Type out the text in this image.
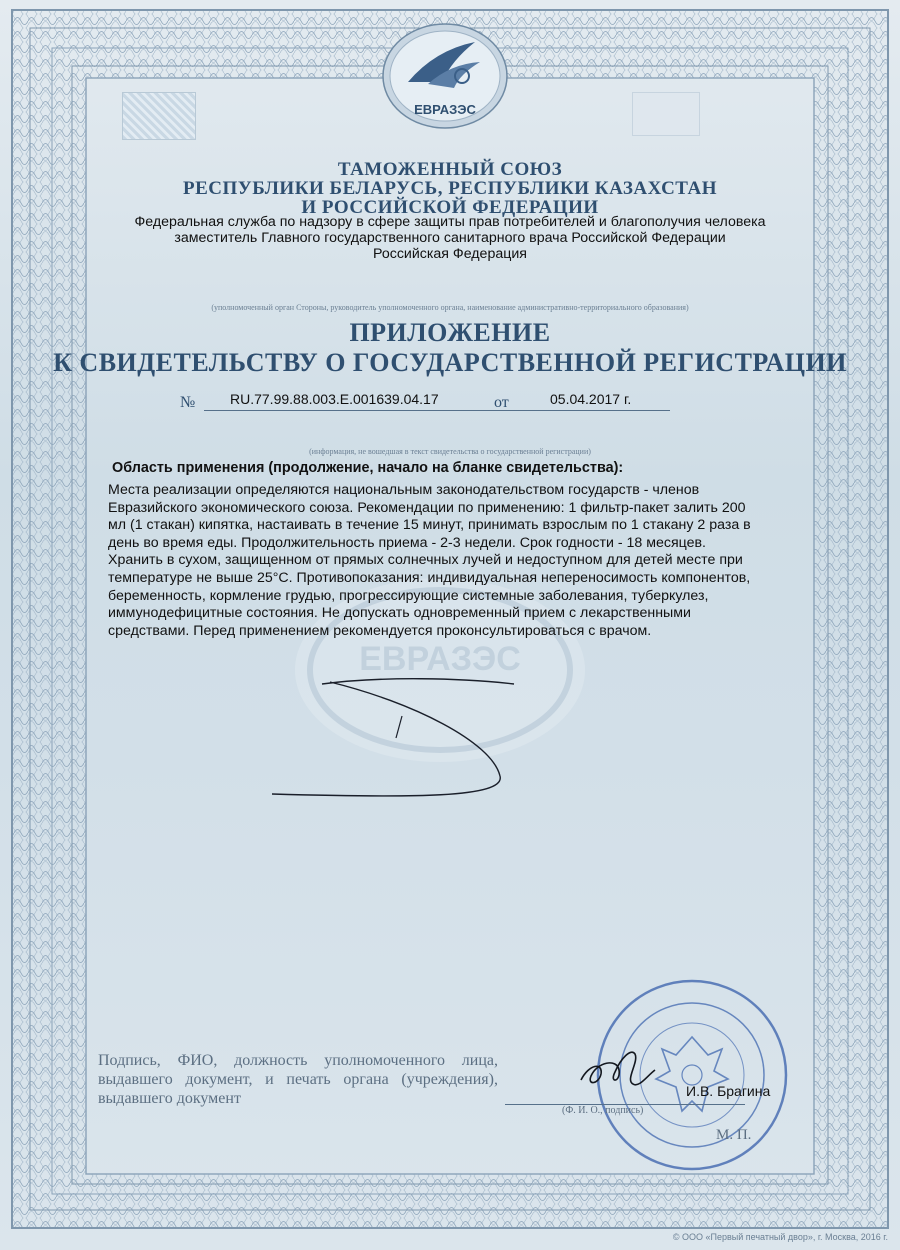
ЕВРАЗЭС
ТАМОЖЕННЫЙ СОЮЗ
РЕСПУБЛИКИ БЕЛАРУСЬ, РЕСПУБЛИКИ КАЗАХСТАН
И РОССИЙСКОЙ ФЕДЕРАЦИИ
Федеральная служба по надзору в сфере защиты прав потребителей и благополучия человека
заместитель Главного государственного санитарного врача Российской Федерации
Российская Федерация
(уполномоченный орган Стороны, руководитель уполномоченного органа, наименование административно-территориального образования)
ПРИЛОЖЕНИЕ
К СВИДЕТЕЛЬСТВУ О ГОСУДАРСТВЕННОЙ РЕГИСТРАЦИИ
№ RU.77.99.88.003.E.001639.04.17	от	05.04.2017 г.
(информация, не вошедшая в текст свидетельства о государственной регистрации)
ЕВРАЗЭС
Область применения (продолжение, начало на бланке свидетельства):
Места реализации определяются национальным законодательством государств - членов
Евразийского экономического союза. Рекомендации по применению: 1 фильтр-пакет залить 200
мл (1 стакан) кипятка, настаивать в течение 15 минут, принимать взрослым по 1 стакану 2 раза в
день во время еды. Продолжительность приема - 2-3 недели. Срок годности - 18 месяцев.
Хранить в сухом, защищенном от прямых солнечных лучей и недоступном для детей месте при
температуре не выше 25°С. Противопоказания: индивидуальная непереносимость компонентов,
беременность, кормление грудью, прогрессирующие системные заболевания, туберкулез,
иммунодефицитные состояния. Не допускать одновременный прием с лекарственными
средствами. Перед применением рекомендуется проконсультироваться с врачом.
Подпись, ФИО, должность уполномоченного лица, выдавшего документ, и печать органа (учреждения), выдавшего документ	И.В. Брагина
(Ф. И. О., подпись)
М. П.
© ООО «Первый печатный двор», г. Москва, 2016 г.
